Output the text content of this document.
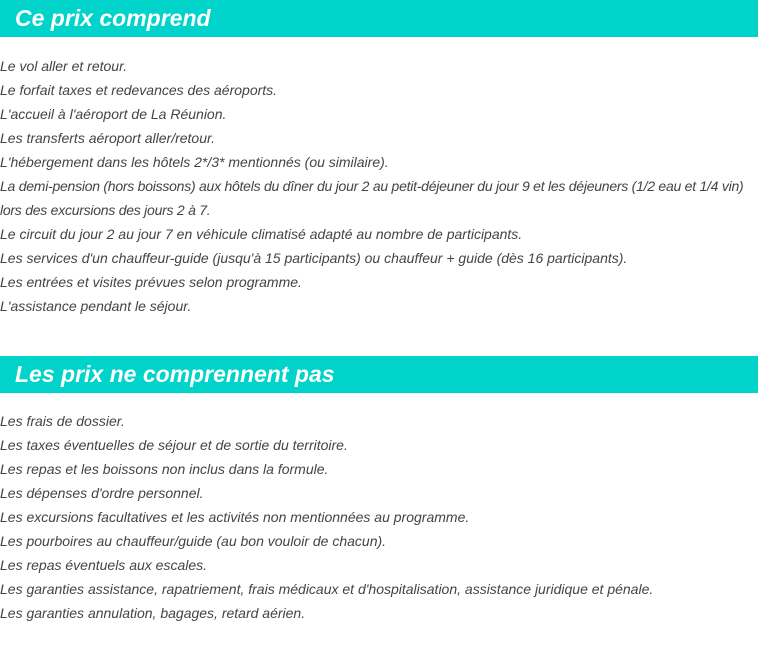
Ce prix comprend
Le vol aller et retour.
Le forfait taxes et redevances des aéroports.
L'accueil à l'aéroport de La Réunion.
Les transferts aéroport aller/retour.
L'hébergement dans les hôtels 2*/3* mentionnés (ou similaire).
La demi-pension (hors boissons) aux hôtels du dîner du jour 2 au petit-déjeuner du jour 9 et les déjeuners (1/2 eau et 1/4 vin) lors des excursions des jours 2 à 7.
Le circuit du jour 2 au jour 7 en véhicule climatisé adapté au nombre de participants.
Les services d'un chauffeur-guide (jusqu'à 15 participants) ou chauffeur + guide (dès 16 participants).
Les entrées et visites prévues selon programme.
L'assistance pendant le séjour.
Les prix ne comprennent pas
Les frais de dossier.
Les taxes éventuelles de séjour et de sortie du territoire.
Les repas et les boissons non inclus dans la formule.
Les dépenses d'ordre personnel.
Les excursions facultatives et les activités non mentionnées au programme.
Les pourboires au chauffeur/guide (au bon vouloir de chacun).
Les repas éventuels aux escales.
Les garanties assistance, rapatriement, frais médicaux et d'hospitalisation, assistance juridique et pénale.
Les garanties annulation, bagages, retard aérien.
